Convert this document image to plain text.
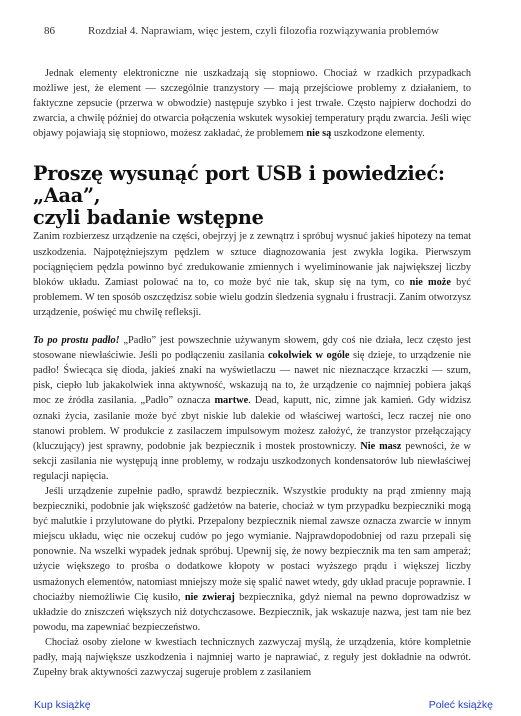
86	Rozdział 4. Naprawiam, więc jestem, czyli filozofia rozwiązywania problemów

Jednak elementy elektroniczne nie uszkadzają się stopniowo. Chociaż w rzadkich przypadkach możliwe jest, że element — szczególnie tranzystory — mają przejściowe problemy z działaniem, to faktyczne zepsucie (przerwa w obwodzie) następuje szybko i jest trwałe. Często najpierw dochodzi do zwarcia, a chwilę później do otwarcia połączenia wskutek wysokiej temperatury prądu zwarcia. Jeśli więc objawy pojawiają się stopniowo, możesz zakładać, że problemem nie są uszkodzone elementy.

Proszę wysunąć port USB i powiedzieć: „Aaa”,
czyli badanie wstępne

Zanim rozbierzesz urządzenie na części, obejrzyj je z zewnątrz i spróbuj wysnuć jakieś hipotezy na temat uszkodzenia. Najpotężniejszym pędzlem w sztuce diagnozowania jest zwykła logika. Pierwszym pociągnięciem pędzla powinno być zredukowanie zmiennych i wyeliminowanie jak największej liczby bloków układu. Zamiast polować na to, co może być nie tak, skup się na tym, co nie może być problemem. W ten sposób oszczędzisz sobie wielu godzin śledzenia sygnału i frustracji. Zanim otworzysz urządzenie, poświęć mu chwilę refleksji.

To po prostu padło! „Padło” jest powszechnie używanym słowem, gdy coś nie działa, lecz często jest stosowane niewłaściwie. Jeśli po podłączeniu zasilania cokolwiek w ogóle się dzieje, to urządzenie nie padło! Świecąca się dioda, jakieś znaki na wyświetlaczu — nawet nic nieznaczące krzaczki — szum, pisk, ciepło lub jakakolwiek inna aktywność, wskazują na to, że urządzenie co najmniej pobiera jakąś moc ze źródła zasilania. „Padło” oznacza martwe. Dead, kaputt, nic, zimne jak kamień. Gdy widzisz oznaki życia, zasilanie może być zbyt niskie lub dalekie od właściwej wartości, lecz raczej nie ono stanowi problem. W produkcie z zasilaczem impulsowym możesz założyć, że tranzystor przełączający (kluczujący) jest sprawny, podobnie jak bezpiecznik i mostek prostowniczy. Nie masz pewności, że w sekcji zasilania nie występują inne problemy, w rodzaju uszkodzonych kondensatorów lub niewłaściwej regulacji napięcia.

Jeśli urządzenie zupełnie padło, sprawdź bezpiecznik. Wszystkie produkty na prąd zmienny mają bezpieczniki, podobnie jak większość gadżetów na baterie, chociaż w tym przypadku bezpieczniki mogą być malutkie i przylutowane do płytki. Przepalony bezpiecznik niemal zawsze oznacza zwarcie w innym miejscu układu, więc nie oczekuj cudów po jego wymianie. Najprawdopodobniej od razu przepali się ponownie. Na wszelki wypadek jednak spróbuj. Upewnij się, że nowy bezpiecznik ma ten sam amperaż; użycie większego to prośba o dodatkowe kłopoty w postaci wyższego prądu i większej liczby usmażonych elementów, natomiast mniejszy może się spalić nawet wtedy, gdy układ pracuje poprawnie. I chociażby niemożliwie Cię kusiło, nie zwieraj bezpiecznika, gdyż niemal na pewno doprowadzisz w układzie do zniszczeń większych niż dotychczasowe. Bezpiecznik, jak wskazuje nazwa, jest tam nie bez powodu, ma zapewniać bezpieczeństwo.

Chociaż osoby zielone w kwestiach technicznych zazwyczaj myślą, że urządzenia, które kompletnie padły, mają największe uszkodzenia i najmniej warto je naprawiać, z reguły jest dokładnie na odwrót. Zupełny brak aktywności zazwyczaj sugeruje problem z zasilaniem

Kup książkę	Poleć książkę
